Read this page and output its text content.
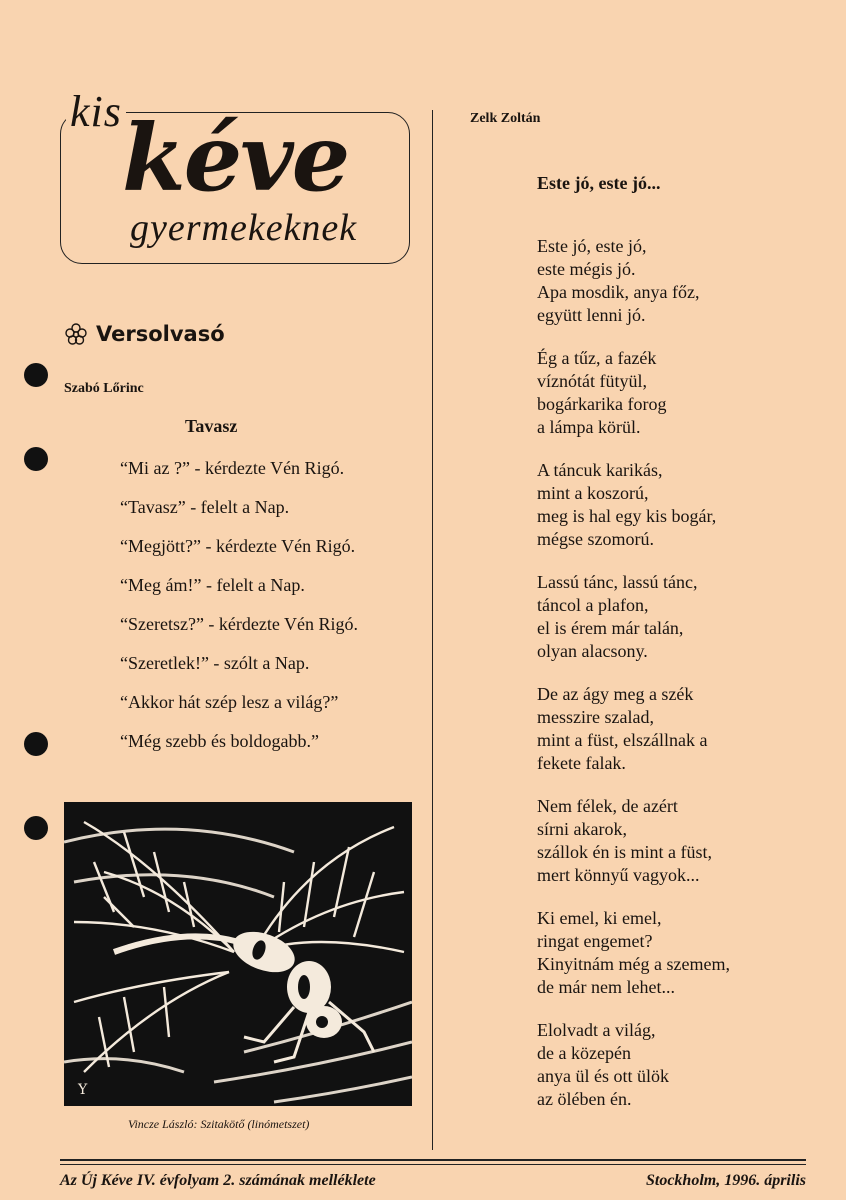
kis kéve
gyermekeknek
Versolvasó
Szabó Lőrinc
Tavasz
“Mi az ?” - kérdezte Vén Rigó.
“Tavasz” - felelt a Nap.
“Megjött?” - kérdezte Vén Rigó.
“Meg ám!” - felelt a Nap.
“Szeretsz?” - kérdezte Vén Rigó.
“Szeretlek!” - szólt a Nap.
“Akkor hát szép lesz a világ?”
“Még szebb és boldogabb.”
Y
Vincze László: Szitakötő (linómetszet)
Zelk Zoltán
Este jó, este jó...
Este jó, este jó,
este mégis jó.
Apa mosdik, anya főz,
együtt lenni jó.
Ég a tűz, a fazék
víznótát fütyül,
bogárkarika forog
a lámpa körül.
A táncuk karikás,
mint a koszorú,
meg is hal egy kis bogár,
mégse szomorú.
Lassú tánc, lassú tánc,
táncol a plafon,
el is érem már talán,
olyan alacsony.
De az ágy meg a szék
messzire szalad,
mint a füst, elszállnak a
fekete falak.
Nem félek, de azért
sírni akarok,
szállok én is mint a füst,
mert könnyű vagyok...
Ki emel, ki emel,
ringat engemet?
Kinyitnám még a szemem,
de már nem lehet...
Elolvadt a világ,
de a közepén
anya ül és ott ülök
az ölében én.
Az Új Kéve IV. évfolyam 2. számának melléklete	Stockholm, 1996. április
